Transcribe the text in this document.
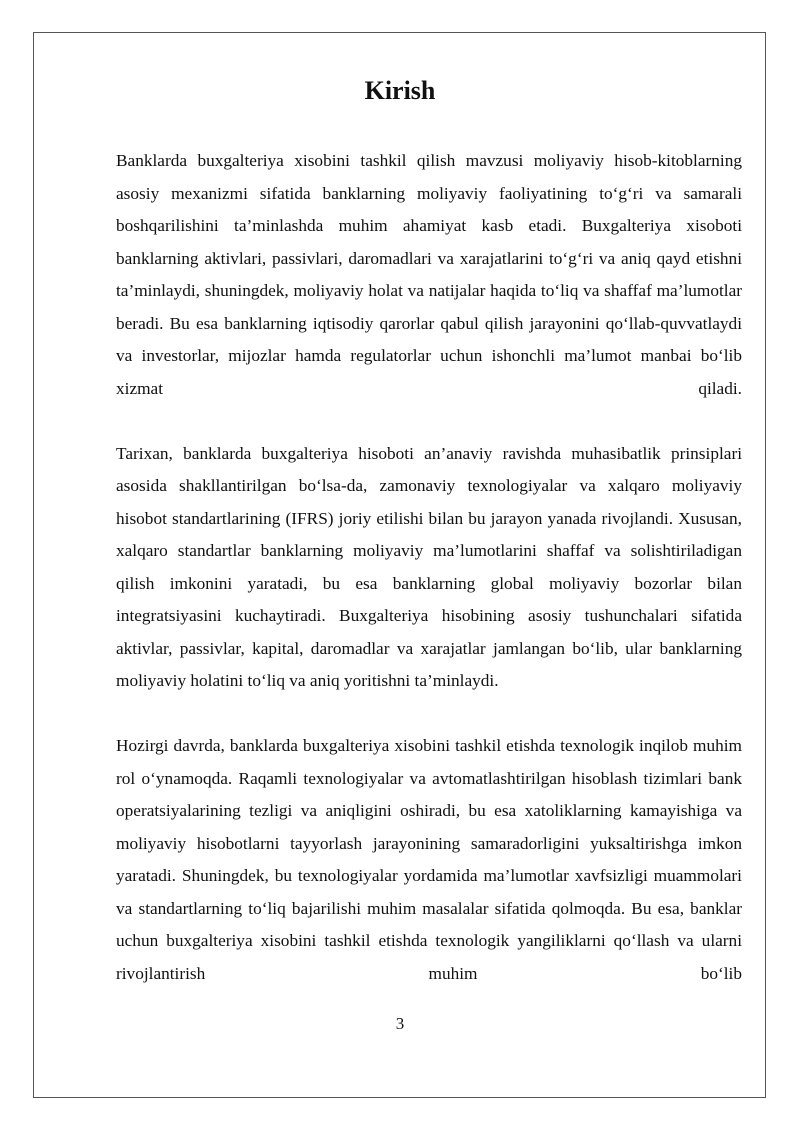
Kirish

Banklarda buxgalteriya xisobini tashkil qilish mavzusi moliyaviy hisob-kitoblarning asosiy mexanizmi sifatida banklarning moliyaviy faoliyatining to‘g‘ri va samarali boshqarilishini ta’minlashda muhim ahamiyat kasb etadi. Buxgalteriya xisoboti banklarning aktivlari, passivlari, daromadlari va xarajatlarini to‘g‘ri va aniq qayd etishni ta’minlaydi, shuningdek, moliyaviy holat va natijalar haqida to‘liq va shaffaf ma’lumotlar beradi. Bu esa banklarning iqtisodiy qarorlar qabul qilish jarayonini qo‘llab-quvvatlaydi va investorlar, mijozlar hamda regulatorlar uchun ishonchli ma’lumot manbai bo‘lib xizmat qiladi.

Tarixan, banklarda buxgalteriya hisoboti an’anaviy ravishda muhasibatlik prinsiplari asosida shakllantirilgan bo‘lsa-da, zamonaviy texnologiyalar va xalqaro moliyaviy hisobot standartlarining (IFRS) joriy etilishi bilan bu jarayon yanada rivojlandi. Xususan, xalqaro standartlar banklarning moliyaviy ma’lumotlarini shaffaf va solishtiriladigan qilish imkonini yaratadi, bu esa banklarning global moliyaviy bozorlar bilan integratsiyasini kuchaytiradi. Buxgalteriya hisobining asosiy tushunchalari sifatida aktivlar, passivlar, kapital, daromadlar va xarajatlar jamlangan bo‘lib, ular banklarning moliyaviy holatini to‘liq va aniq yoritishni ta’minlaydi.

Hozirgi davrda, banklarda buxgalteriya xisobini tashkil etishda texnologik inqilob muhim rol o‘ynamoqda. Raqamli texnologiyalar va avtomatlashtirilgan hisoblash tizimlari bank operatsiyalarining tezligi va aniqligini oshiradi, bu esa xatoliklarning kamayishiga va moliyaviy hisobotlarni tayyorlash jarayonining samaradorligini yuksaltirishga imkon yaratadi. Shuningdek, bu texnologiyalar yordamida ma’lumotlar xavfsizligi muammolari va standartlarning to‘liq bajarilishi muhim masalalar sifatida qolmoqda. Bu esa, banklar uchun buxgalteriya xisobini tashkil etishda texnologik yangiliklarni qo‘llash va ularni rivojlantirish muhim bo‘lib

3
